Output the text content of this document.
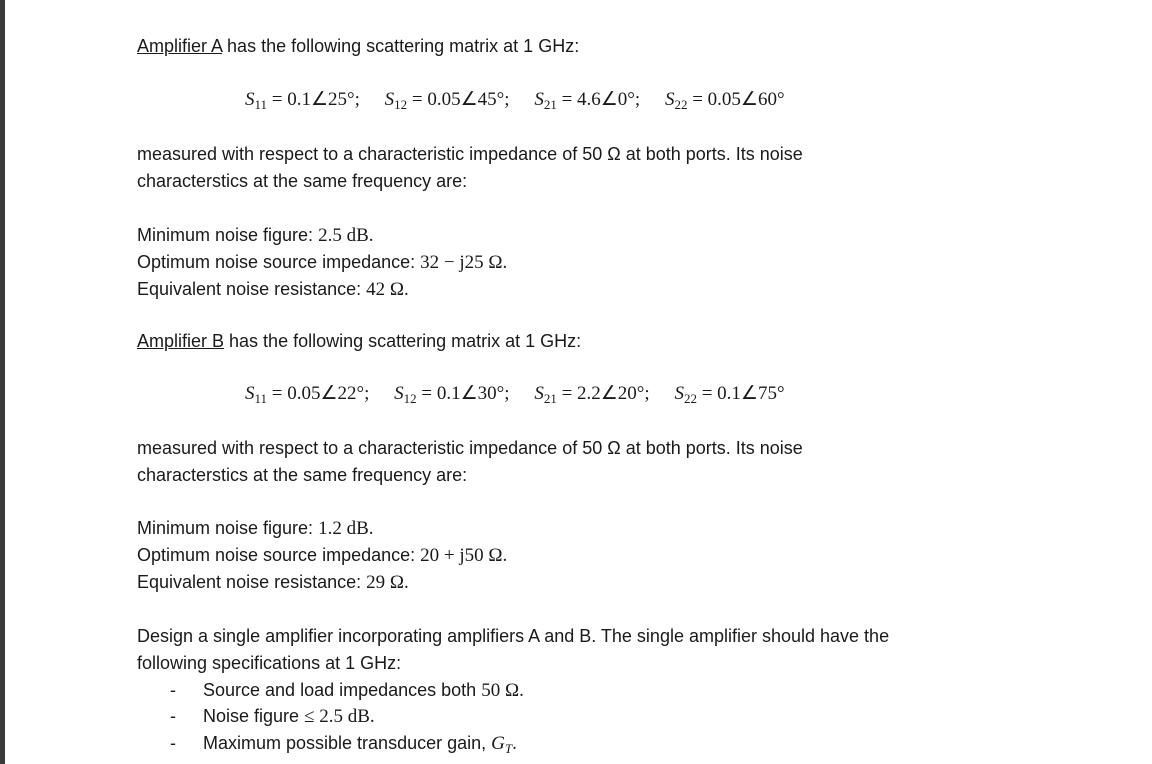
Amplifier A has the following scattering matrix at 1 GHz:
$S_{11}$ = 0.1∠25°; $S_{12}$ = 0.05∠45°; $S_{21}$ = 4.6∠0°; $S_{22}$ = 0.05∠60°
measured with respect to a characteristic impedance of 50 Ω at both ports. Its noise
characterstics at the same frequency are:
Minimum noise figure: 2.5 dB.
Optimum noise source impedance: 32 − j25 Ω.
Equivalent noise resistance: 42 Ω.
Amplifier B has the following scattering matrix at 1 GHz:
$S_{11}$ = 0.05∠22°; $S_{12}$ = 0.1∠30°; $S_{21}$ = 2.2∠20°; $S_{22}$ = 0.1∠75°
measured with respect to a characteristic impedance of 50 Ω at both ports. Its noise
characterstics at the same frequency are:
Minimum noise figure: 1.2 dB.
Optimum noise source impedance: 20 + j50 Ω.
Equivalent noise resistance: 29 Ω.
Design a single amplifier incorporating amplifiers A and B. The single amplifier should have the
following specifications at 1 GHz:
- Source and load impedances both 50 Ω.
- Noise figure ≤ 2.5 dB.
- Maximum possible transducer gain, $G_T$.
